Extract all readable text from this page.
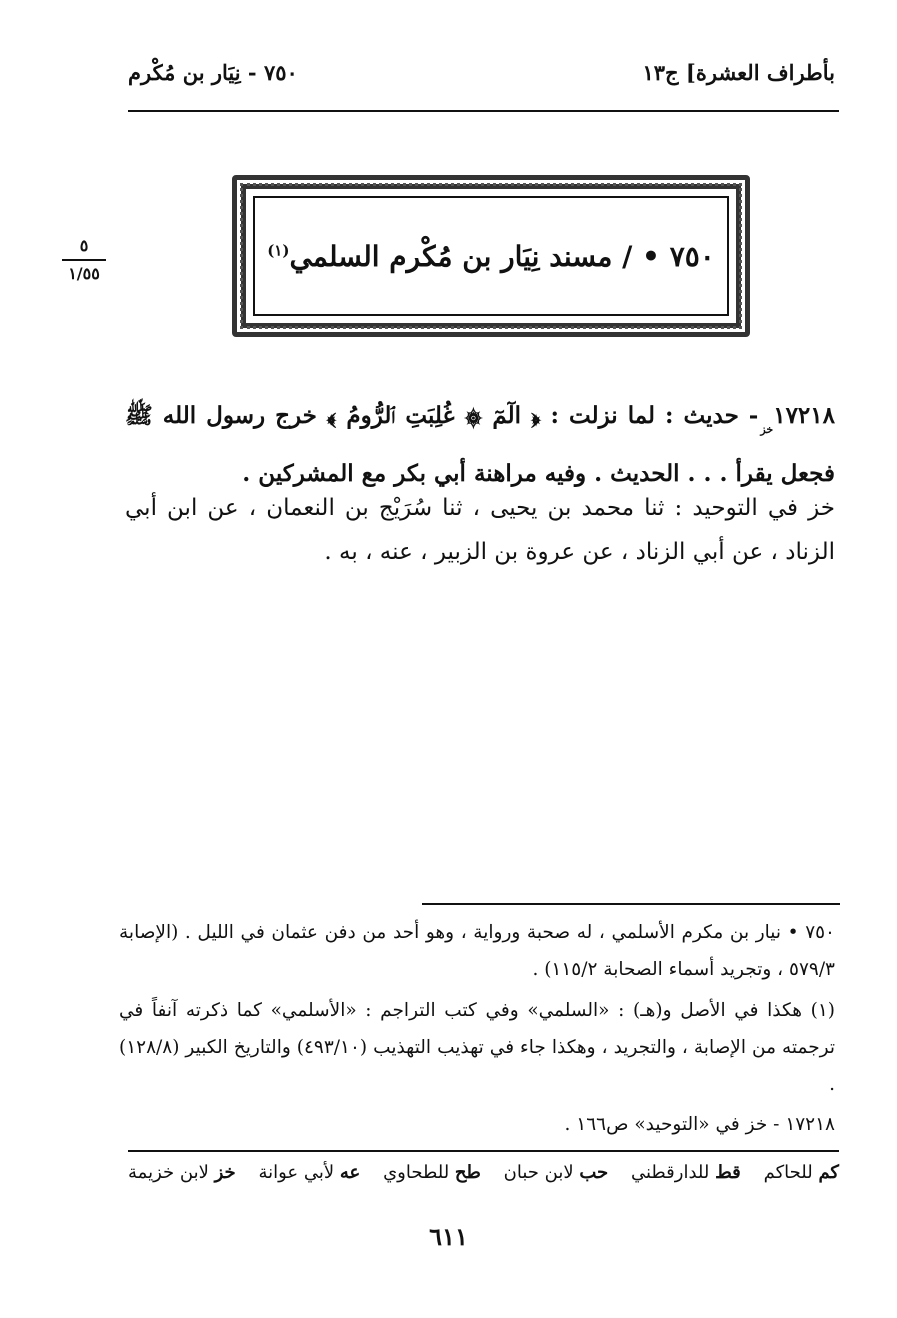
بأطراف العشرة] ج١٣
٧٥٠ - نِيَار بن مُكْرم
٧٥٠ • / مسند نِيَار بن مُكْرم السلمي$^{(١)}$
٥
١/٥٥
$١٧٢١٨_{خز}-$ حديث : لما نزلت : ﴿ الٓمٓ ۞ غُلِبَتِ ٱلرُّومُ ﴾ خرج رسول الله ﷺ فجعل يقرأ . . . الحديث . وفيه مراهنة أبي بكر مع المشركين .
خز في التوحيد : ثنا محمد بن يحيى ، ثنا سُرَيْج بن النعمان ، عن ابن أبي الزناد ، عن أبي الزناد ، عن عروة بن الزبير ، عنه ، به .
٧٥٠ • نيار بن مكرم الأسلمي ، له صحبة ورواية ، وهو أحد من دفن عثمان في الليل . (الإصابة ٥٧٩/٣ ، وتجريد أسماء الصحابة ١١٥/٢) .
(١) هكذا في الأصل و(هـ) : «السلمي» وفي كتب التراجم : «الأسلمي» كما ذكرته آنفاً في ترجمته من الإصابة ، والتجريد ، وهكذا جاء في تهذيب التهذيب (٤٩٣/١٠) والتاريخ الكبير (١٢٨/٨) .
١٧٢١٨ - خز في «التوحيد» ص١٦٦ .
خز لابن خزيمة	عه لأبي عوانة	طح للطحاوي	حب لابن حبان	قط للدارقطني	كم للحاكم
٦١١
